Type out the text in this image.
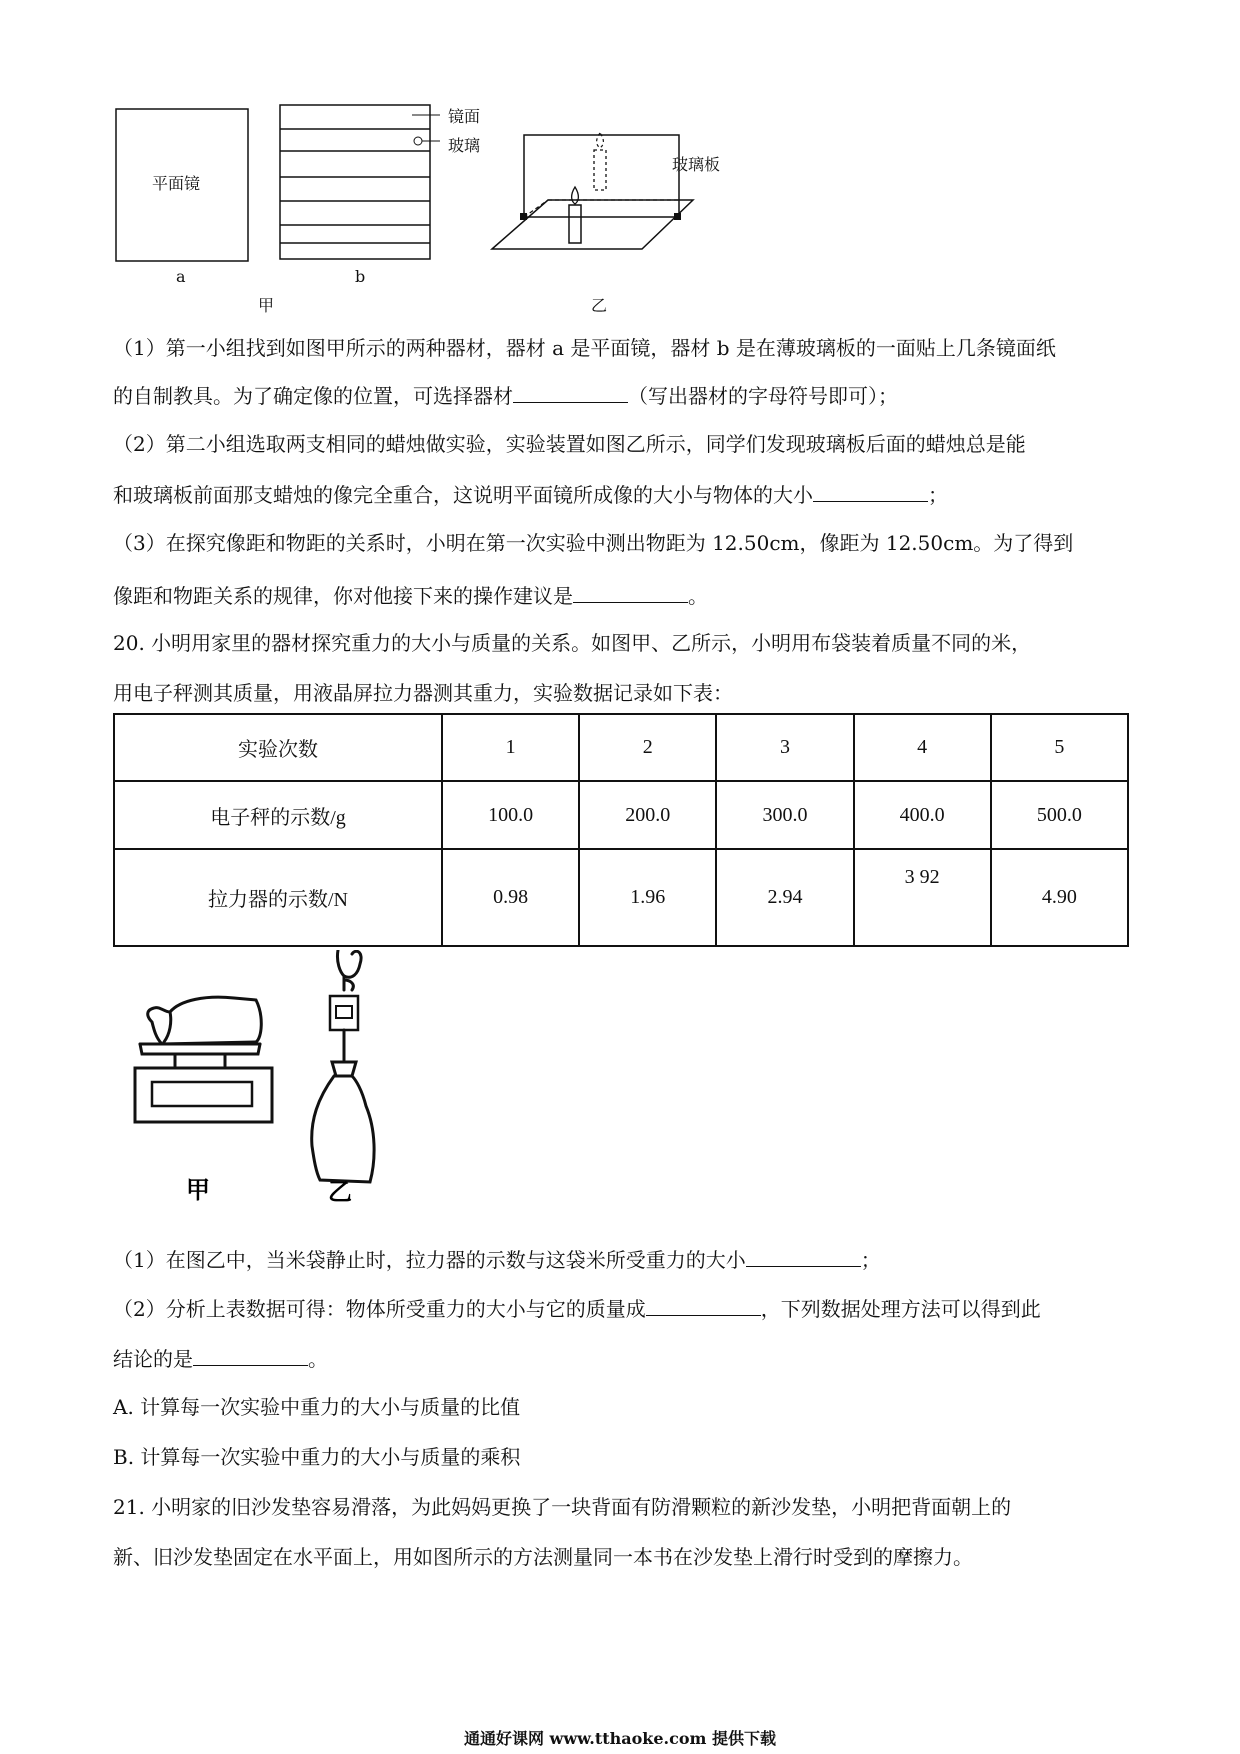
平面镜
a	b
镜面
玻璃
甲	乙
玻璃板
（1）第一小组找到如图甲所示的两种器材，器材 a 是平面镜，器材 b 是在薄玻璃板的一面贴上几条镜面纸
的自制教具。为了确定像的位置，可选择器材	（写出器材的字母符号即可）；
（2）第二小组选取两支相同的蜡烛做实验，实验装置如图乙所示，同学们发现玻璃板后面的蜡烛总是能
和玻璃板前面那支蜡烛的像完全重合，这说明平面镜所成像的大小与物体的大小	；
（3）在探究像距和物距的关系时，小明在第一次实验中测出物距为 12.50cm，像距为 12.50cm。为了得到
像距和物距关系的规律，你对他接下来的操作建议是	。
20. 小明用家里的器材探究重力的大小与质量的关系。如图甲、乙所示，小明用布袋装着质量不同的米，
用电子秤测其质量，用液晶屏拉力器测其重力，实验数据记录如下表：
实验次数	1	2	3	4	5
电子秤的示数/g	100.0	200.0	300.0	400.0	500.0
拉力器的示数/N	0.98	1.96	2.94	3 92	4.90
甲	乙
（1）在图乙中，当米袋静止时，拉力器的示数与这袋米所受重力的大小	；
（2）分析上表数据可得：物体所受重力的大小与它的质量成	，下列数据处理方法可以得到此
结论的是	。
A. 计算每一次实验中重力的大小与质量的比值
B. 计算每一次实验中重力的大小与质量的乘积
21. 小明家的旧沙发垫容易滑落，为此妈妈更换了一块背面有防滑颗粒的新沙发垫，小明把背面朝上的
新、旧沙发垫固定在水平面上，用如图所示的方法测量同一本书在沙发垫上滑行时受到的摩擦力。
通通好课网 www.tthaoke.com 提供下载
